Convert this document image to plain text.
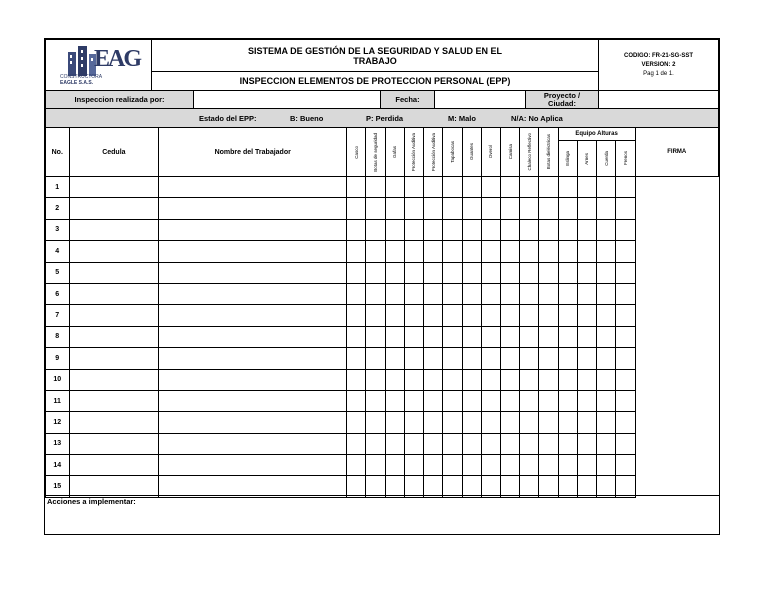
EAG
CONSTRUCTORA
EAGLE S.A.S.
SISTEMA DE GESTIÓN DE LA SEGURIDAD Y SALUD EN EL
TRABAJO
INSPECCION ELEMENTOS DE PROTECCION PERSONAL (EPP)
CODIGO: FR-21-SG-SST
VERSION: 2
Pag 1 de 1.
Inspeccion realizada por:	Fecha:	Proyecto /
Ciudad:
Estado del EPP:	B: Bueno	P: Perdida	M: Malo	N/A: No Aplica
No.	Cedula	Nombre del Trabajador	Casco	Botas de seguridad	Gafas	Protección Auditiva	Protección Auditiva	Tapabocas	Guantes	Overol	Camisa	Chaleco Reflectivo	Botas dieléctricas	Equipo Alturas				FIRMA

														Eslinga	Arnes	Cuerda	Frenos	

1																		
2																		
3																		
4																		
5																		
6																		
7																		
8																		
9																		
10																		
11																		
12																		
13																		
14																		
15																		
Acciones a implementar:
